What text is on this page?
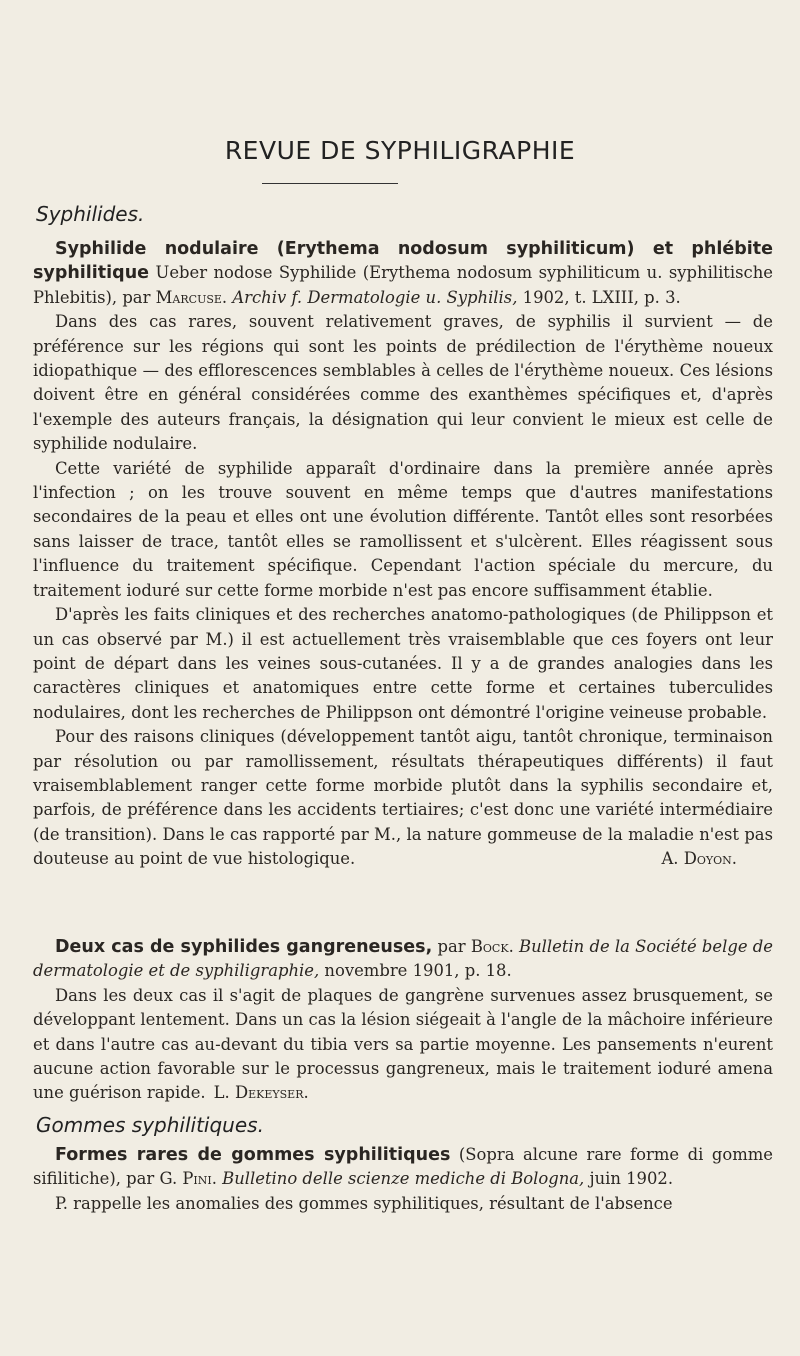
REVUE DE SYPHILIGRAPHIE
Syphilides.

Syphilide nodulaire (Erythema nodosum syphiliticum) et phlébite syphilitique Ueber nodose Syphilide (Erythema nodosum syphiliticum u. syphilitische Phlebitis), par Marcuse. Archiv f. Dermatologie u. Syphilis, 1902, t. LXIII, p. 3.

Dans des cas rares, souvent relativement graves, de syphilis il survient — de préférence sur les régions qui sont les points de prédilection de l'érythème noueux idiopathique — des efflorescences semblables à celles de l'érythème noueux. Ces lésions doivent être en général considérées comme des exanthèmes spécifiques et, d'après l'exemple des auteurs français, la désignation qui leur convient le mieux est celle de syphilide nodulaire.

Cette variété de syphilide apparaît d'ordinaire dans la première année après l'infection ; on les trouve souvent en même temps que d'autres manifestations secondaires de la peau et elles ont une évolution différente. Tantôt elles sont resorbées sans laisser de trace, tantôt elles se ramollissent et s'ulcèrent. Elles réagissent sous l'influence du traitement spécifique. Cependant l'action spéciale du mercure, du traitement ioduré sur cette forme morbide n'est pas encore suffisamment établie.

D'après les faits cliniques et des recherches anatomo-pathologiques (de Philippson et un cas observé par M.) il est actuellement très vraisemblable que ces foyers ont leur point de départ dans les veines sous-cutanées. Il y a de grandes analogies dans les caractères cliniques et anatomiques entre cette forme et certaines tuberculides nodulaires, dont les recherches de Philippson ont démontré l'origine veineuse probable.

Pour des raisons cliniques (développement tantôt aigu, tantôt chronique, terminaison par résolution ou par ramollissement, résultats thérapeutiques différents) il faut vraisemblablement ranger cette forme morbide plutôt dans la syphilis secondaire et, parfois, de préférence dans les accidents tertiaires; c'est donc une variété intermédiaire (de transition). Dans le cas rapporté par M., la nature gommeuse de la maladie n'est pas douteuse au point de vue histologique.	A. Doyon.

Deux cas de syphilides gangreneuses, par Bock. Bulletin de la Société belge de dermatologie et de syphiligraphie, novembre 1901, p. 18.

Dans les deux cas il s'agit de plaques de gangrène survenues assez brusquement, se développant lentement. Dans un cas la lésion siégeait à l'angle de la mâchoire inférieure et dans l'autre cas au-devant du tibia vers sa partie moyenne. Les pansements n'eurent aucune action favorable sur le processus gangreneux, mais le traitement ioduré amena une guérison rapide. L. Dekeyser.

Gommes syphilitiques.

Formes rares de gommes syphilitiques (Sopra alcune rare forme di gomme sifilitiche), par G. Pini. Bulletino delle scienze mediche di Bologna, juin 1902.

P. rappelle les anomalies des gommes syphilitiques, résultant de l'absence
